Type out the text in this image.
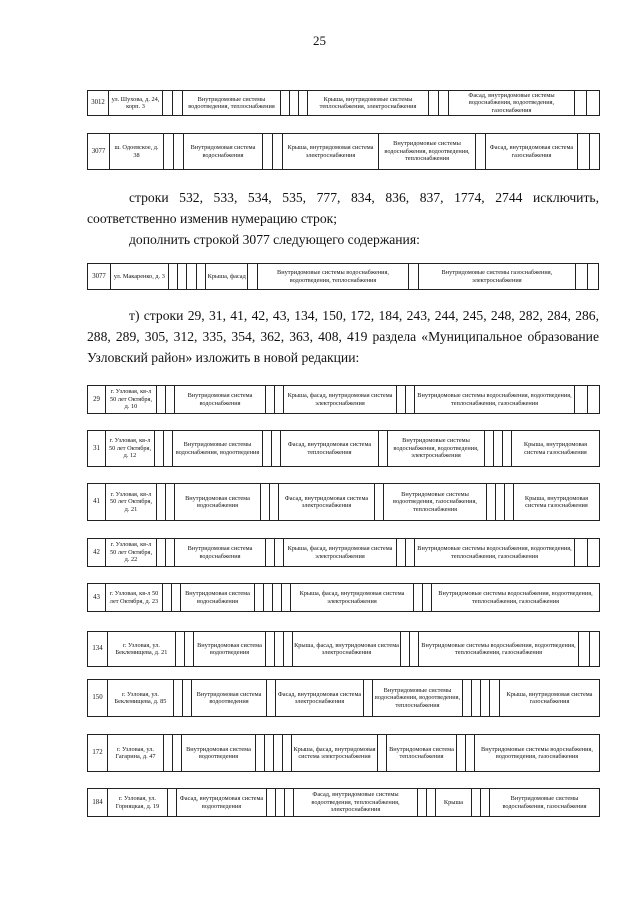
25
3012	ул. Шухова, д. 24, корп. 3			Внутридомовые системы водоотведения, теплоснабжения				Крыша, внутридомовые системы теплоснабжения, электроснабжения			Фасад, внутридомовые системы водоснабжения, водоотведения, газоснабжения		
3077	ш. Одоевское, д. 38			Внутридомовая система водоснабжения			Крыша, внутридомовая система электроснабжения	Внутридомовые системы водоснабжения, водоотведения, теплоснабжения		Фасад, внутридомовая система газоснабжения		
3077	ул. Макаренко, д. 3					Крыша, фасад		Внутридомовые системы водоснабжения, водоотведения, теплоснабжения		Внутридомовые системы газоснабжения, электроснабжения		

строки 532, 533, 534, 535, 777, 834, 836, 837, 1774, 2744 исключить, соответственно изменив нумерацию строк;

дополнить строкой 3077 следующего содержания:

т) строки 29, 31, 41, 42, 43, 134, 150, 172, 184, 243, 244, 245, 248, 282, 284, 286, 288, 289, 305, 312, 335, 354, 362, 363, 408, 419 раздела «Муниципальное образование Узловский район» изложить в новой редакции:

29	г. Узловая, кв-л 50 лет Октября, д. 10			Внутридомовая система водоснабжения			Крыша, фасад, внутридомовая система электроснабжения			Внутридомовые системы водоснабжения, водоотведения, теплоснабжения, газоснабжения		
31	г. Узловая, кв-л 50 лет Октября, д. 12			Внутридомовые системы водоснабжения, водоотведения			Фасад, внутридомовая система теплоснабжения		Внутридомовые системы водоснабжения, водоотведения, электроснабжения				Крыша, внутридомовая система газоснабжения
41	г. Узловая, кв-л 50 лет Октября, д. 21			Внутридомовая система водоснабжения			Фасад, внутридомовая система электроснабжения		Внутридомовые системы водоотведения, газоснабжения, теплоснабжения				Крыша, внутридомовая система газоснабжения
42	г. Узловая, кв-л 50 лет Октября, д. 22			Внутридомовая система водоснабжения			Крыша, фасад, внутридомовая система электроснабжения			Внутридомовые системы водоснабжения, водоотведения, теплоснабжения, газоснабжения		
43	г. Узловая, кв-л 50 лет Октября, д. 23			Внутридомовая система водоснабжения					Крыша, фасад, внутридомовая система электроснабжения			Внутридомовые системы водоснабжения, водоотведения, теплоснабжения, газоснабжения
134	г. Узловая, ул. Беклемищева, д. 21			Внутридомовая система водоотведения				Крыша, фасад, внутридомовая система электроснабжения			Внутридомовые системы водоснабжения, водоотведения, теплоснабжения, газоснабжения		
150	г. Узловая, ул. Беклемищева, д. 85			Внутридомовая система водоотведения		Фасад, внутридомовая система электроснабжения		Внутридомовые системы водоснабжения, водоотведения, теплоснабжения					Крыша, внутридомовая система газоснабжения
172	г. Узловая, ул. Гагарина, д. 47			Внутридомовая система водоотведения					Крыша, фасад, внутридомовая система электроснабжения		Внутридомовая система теплоснабжения			Внутридомовые системы водоснабжения, водоотведения, газоснабжения
184	г. Узловая, ул. Горняцкая, д. 19		Фасад, внутридомовая система водоотведения				Фасад, внутридомовые системы водоотведения, теплоснабжения, электроснабжения			Крыша			Внутридомовые системы водоснабжения, газоснабжения
